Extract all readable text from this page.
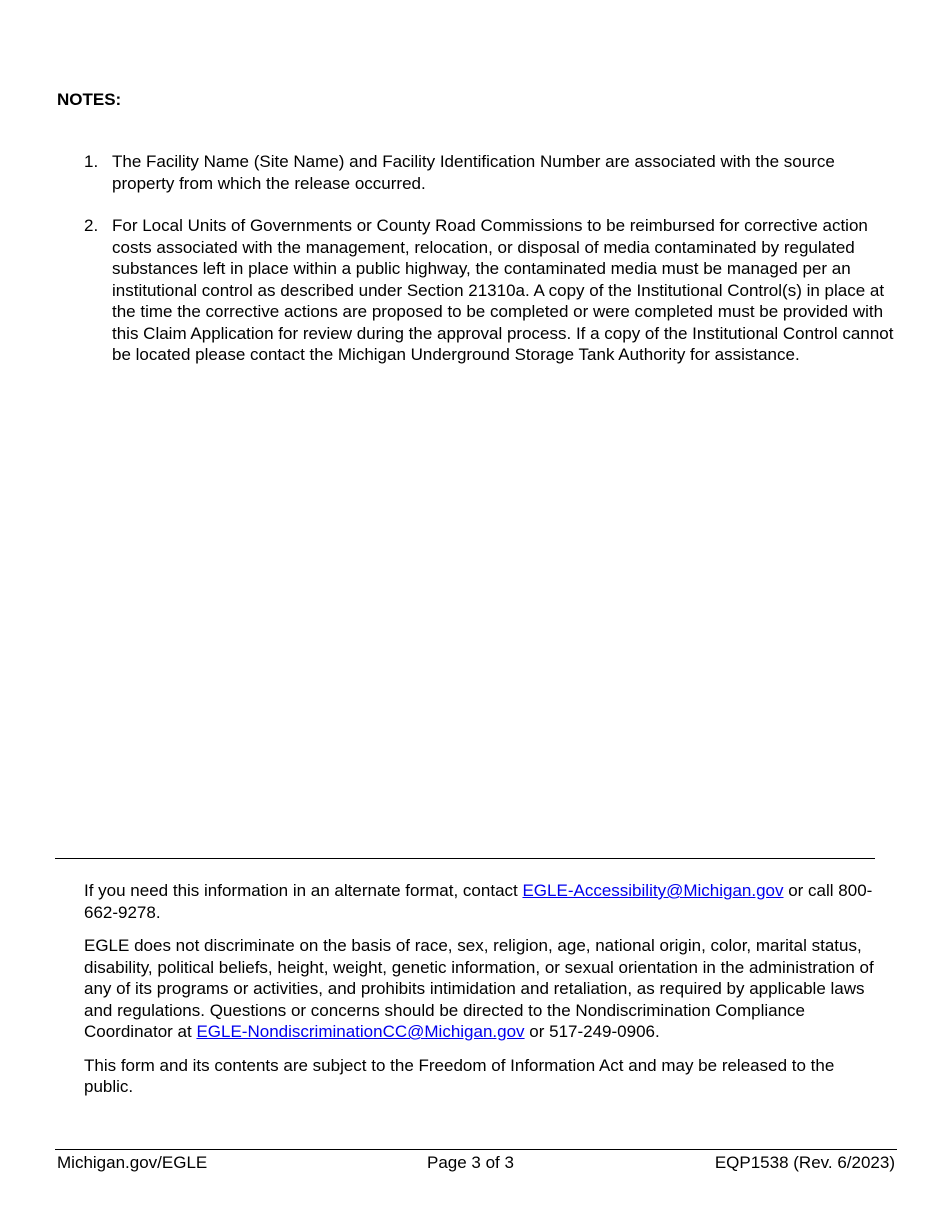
NOTES:

1. The Facility Name (Site Name) and Facility Identification Number are associated with the source property from which the release occurred.
2. For Local Units of Governments or County Road Commissions to be reimbursed for corrective action costs associated with the management, relocation, or disposal of media contaminated by regulated substances left in place within a public highway, the contaminated media must be managed per an institutional control as described under Section 21310a. A copy of the Institutional Control(s) in place at the time the corrective actions are proposed to be completed or were completed must be provided with this Claim Application for review during the approval process. If a copy of the Institutional Control cannot be located please contact the Michigan Underground Storage Tank Authority for assistance.

If you need this information in an alternate format, contact EGLE-Accessibility@Michigan.gov or call 800-662-9278.

EGLE does not discriminate on the basis of race, sex, religion, age, national origin, color, marital status, disability, political beliefs, height, weight, genetic information, or sexual orientation in the administration of any of its programs or activities, and prohibits intimidation and retaliation, as required by applicable laws and regulations. Questions or concerns should be directed to the Nondiscrimination Compliance Coordinator at EGLE-NondiscriminationCC@Michigan.gov or 517-249-0906.

This form and its contents are subject to the Freedom of Information Act and may be released to the public.

Michigan.gov/EGLE	Page 3 of 3	EQP1538 (Rev. 6/2023)
